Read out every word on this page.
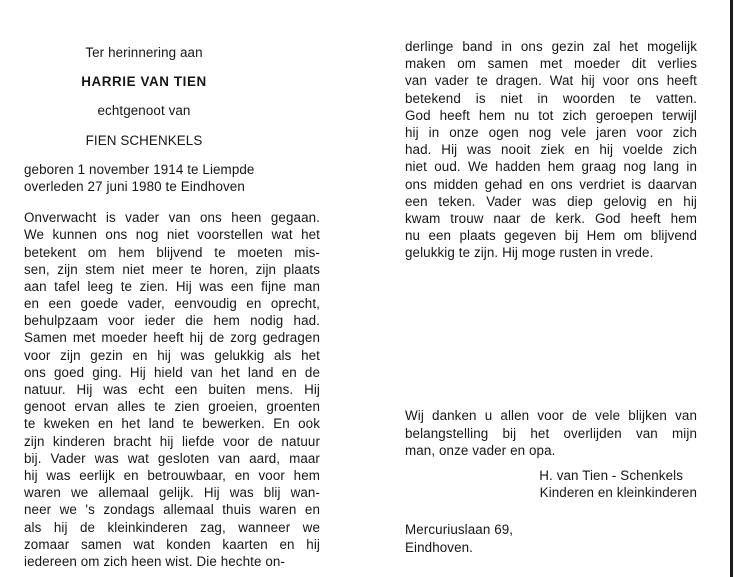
Ter herinnering aan
HARRIE VAN TIEN
echtgenoot van
FIEN SCHENKELS
geboren 1 november 1914 te Liempde
overleden 27 juni 1980 te Eindhoven
Onverwacht is vader van ons heen gegaan.
We kunnen ons nog niet voorstellen wat het
betekent om hem blijvend te moeten mis-
sen, zijn stem niet meer te horen, zijn plaats
aan tafel leeg te zien. Hij was een fijne man
en een goede vader, eenvoudig en oprecht,
behulpzaam voor ieder die hem nodig had.
Samen met moeder heeft hij de zorg gedragen
voor zijn gezin en hij was gelukkig als het
ons goed ging. Hij hield van het land en de
natuur. Hij was echt een buiten mens. Hij
genoot ervan alles te zien groeien, groenten
te kweken en het land te bewerken. En ook
zijn kinderen bracht hij liefde voor de natuur
bij. Vader was wat gesloten van aard, maar
hij was eerlijk en betrouwbaar, en voor hem
waren we allemaal gelijk. Hij was blij wan-
neer we 's zondags allemaal thuis waren en
als hij de kleinkinderen zag, wanneer we
zomaar samen wat konden kaarten en hij
iedereen om zich heen wist. Die hechte on-
derlinge band in ons gezin zal het mogelijk
maken om samen met moeder dit verlies
van vader te dragen. Wat hij voor ons heeft
betekend is niet in woorden te vatten.
God heeft hem nu tot zich geroepen terwijl
hij in onze ogen nog vele jaren voor zich
had. Hij was nooit ziek en hij voelde zich
niet oud. We hadden hem graag nog lang in
ons midden gehad en ons verdriet is daarvan
een teken. Vader was diep gelovig en hij
kwam trouw naar de kerk. God heeft hem
nu een plaats gegeven bij Hem om blijvend
gelukkig te zijn. Hij moge rusten in vrede.
Wij danken u allen voor de vele blijken van
belangstelling bij het overlijden van mijn
man, onze vader en opa.
H. van Tien - Schenkels
Kinderen en kleinkinderen
Mercuriuslaan 69,
Eindhoven.
